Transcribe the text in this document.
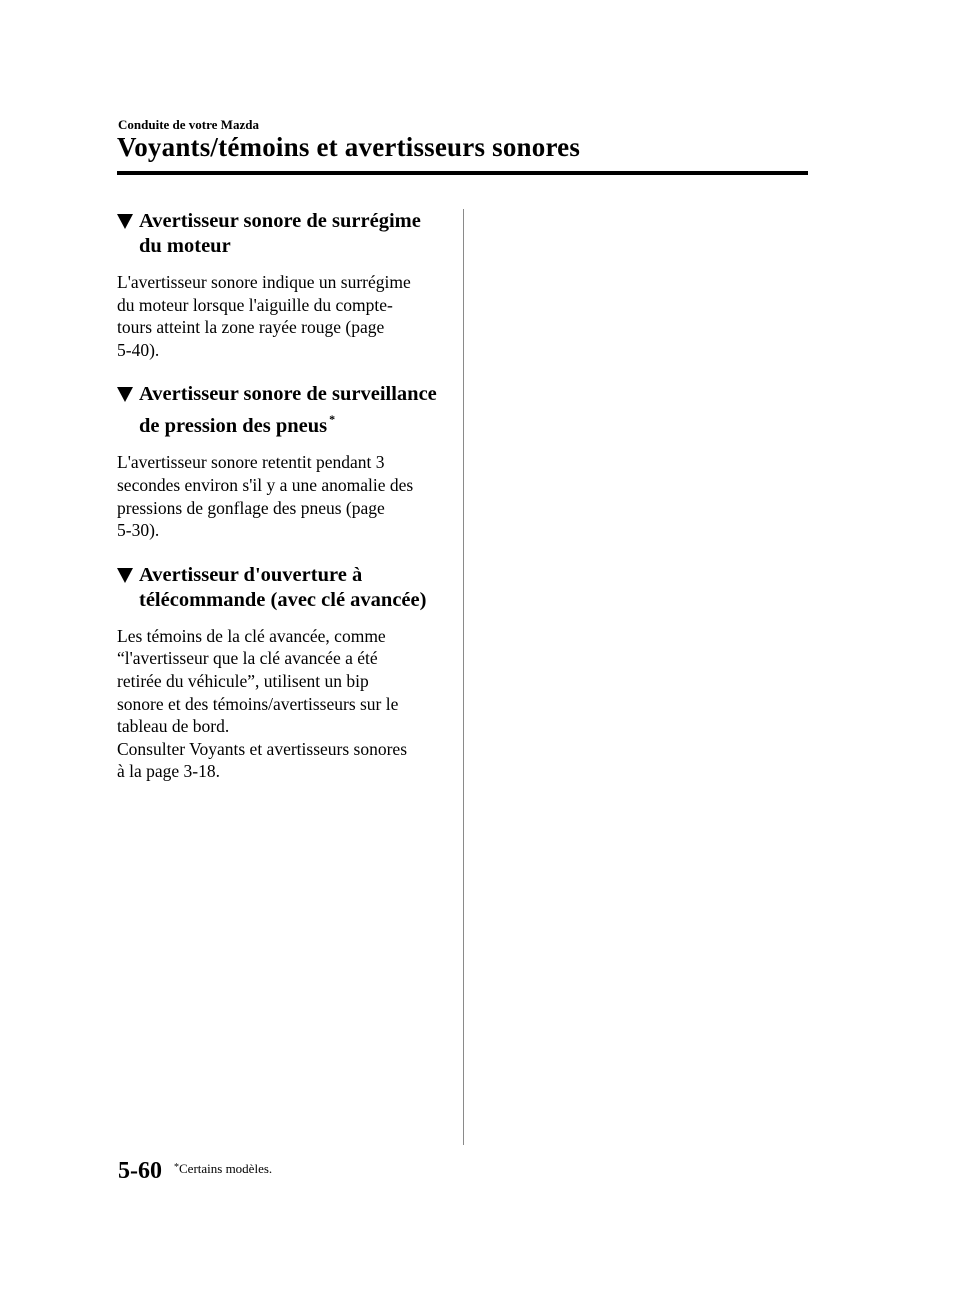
Conduite de votre Mazda
Voyants/témoins et avertisseurs sonores
Avertisseur sonore de surrégime
du moteur

L'avertisseur sonore indique un surrégime
du moteur lorsque l'aiguille du compte-
tours atteint la zone rayée rouge (page
5-40).

Avertisseur sonore de surveillance
de pression des pneus *

L'avertisseur sonore retentit pendant 3
secondes environ s'il y a une anomalie des
pressions de gonflage des pneus (page
5-30).

Avertisseur d'ouverture à
télécommande (avec clé avancée)

Les témoins de la clé avancée, comme
“l'avertisseur que la clé avancée a été
retirée du véhicule”, utilisent un bip
sonore et des témoins/avertisseurs sur le
tableau de bord.
Consulter Voyants et avertisseurs sonores
à la page 3-18.

5-60 *Certains modèles.
